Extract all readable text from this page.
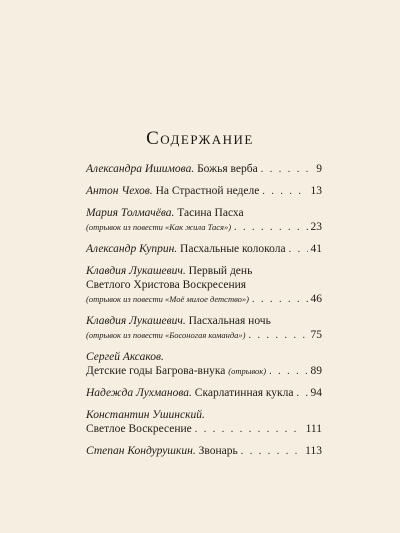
Содержание
Александра Ишимова.
Божья верба . . .	9
Антон Чехов.
На Страстной неделе . . .	13
Мария Толмачёва.
Тасина Пасха
(отрывок из повести «Как жила Тася») . . .	23
Александр Куприн.
Пасхальные колокола . . . 41
Клавдия Лукашевич.
Первый день
Светлого Христова Воскресения
(отрывок из повести «Моё милое детство») . . .	46
Клавдия Лукашевич.
Пасхальная ночь
(отрывок из повести «Босоногая команда») . . .	75
Сергей Аксаков.
Детские годы Багрова-внука
(отрывок) . . .	89
Надежда Лухманова.
Скарлатинная кукла . . . 94
Константин Ушинский.
Светлое Воскресение . . .	111
Степан Кондурушкин.
Звонарь . . .	113
